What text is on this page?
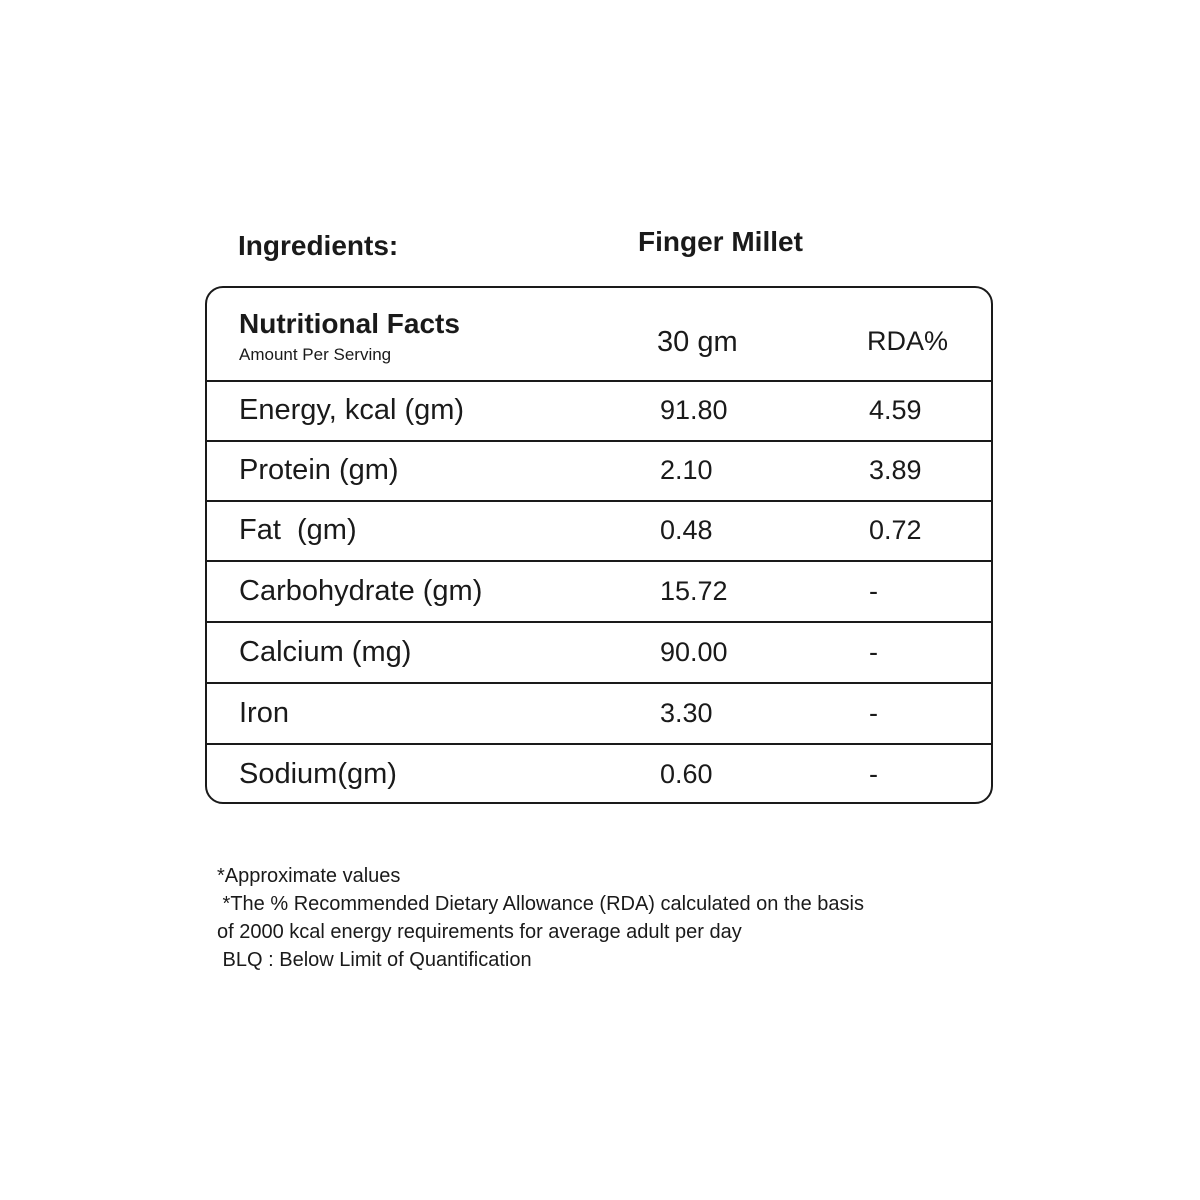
Ingredients:	Finger Millet
Nutritional Facts
Amount Per Serving	30 gm	RDA%
Energy, kcal (gm)	91.80	4.59
Protein (gm)	2.10	3.89
Fat  (gm)	0.48	0.72
Carbohydrate (gm)	15.72	-
Calcium (mg)	90.00	-
Iron	3.30	-
Sodium(gm)	0.60	-
*Approximate values
*The % Recommended Dietary Allowance (RDA) calculated on the basis
of 2000 kcal energy requirements for average adult per day
BLQ : Below Limit of Quantification
